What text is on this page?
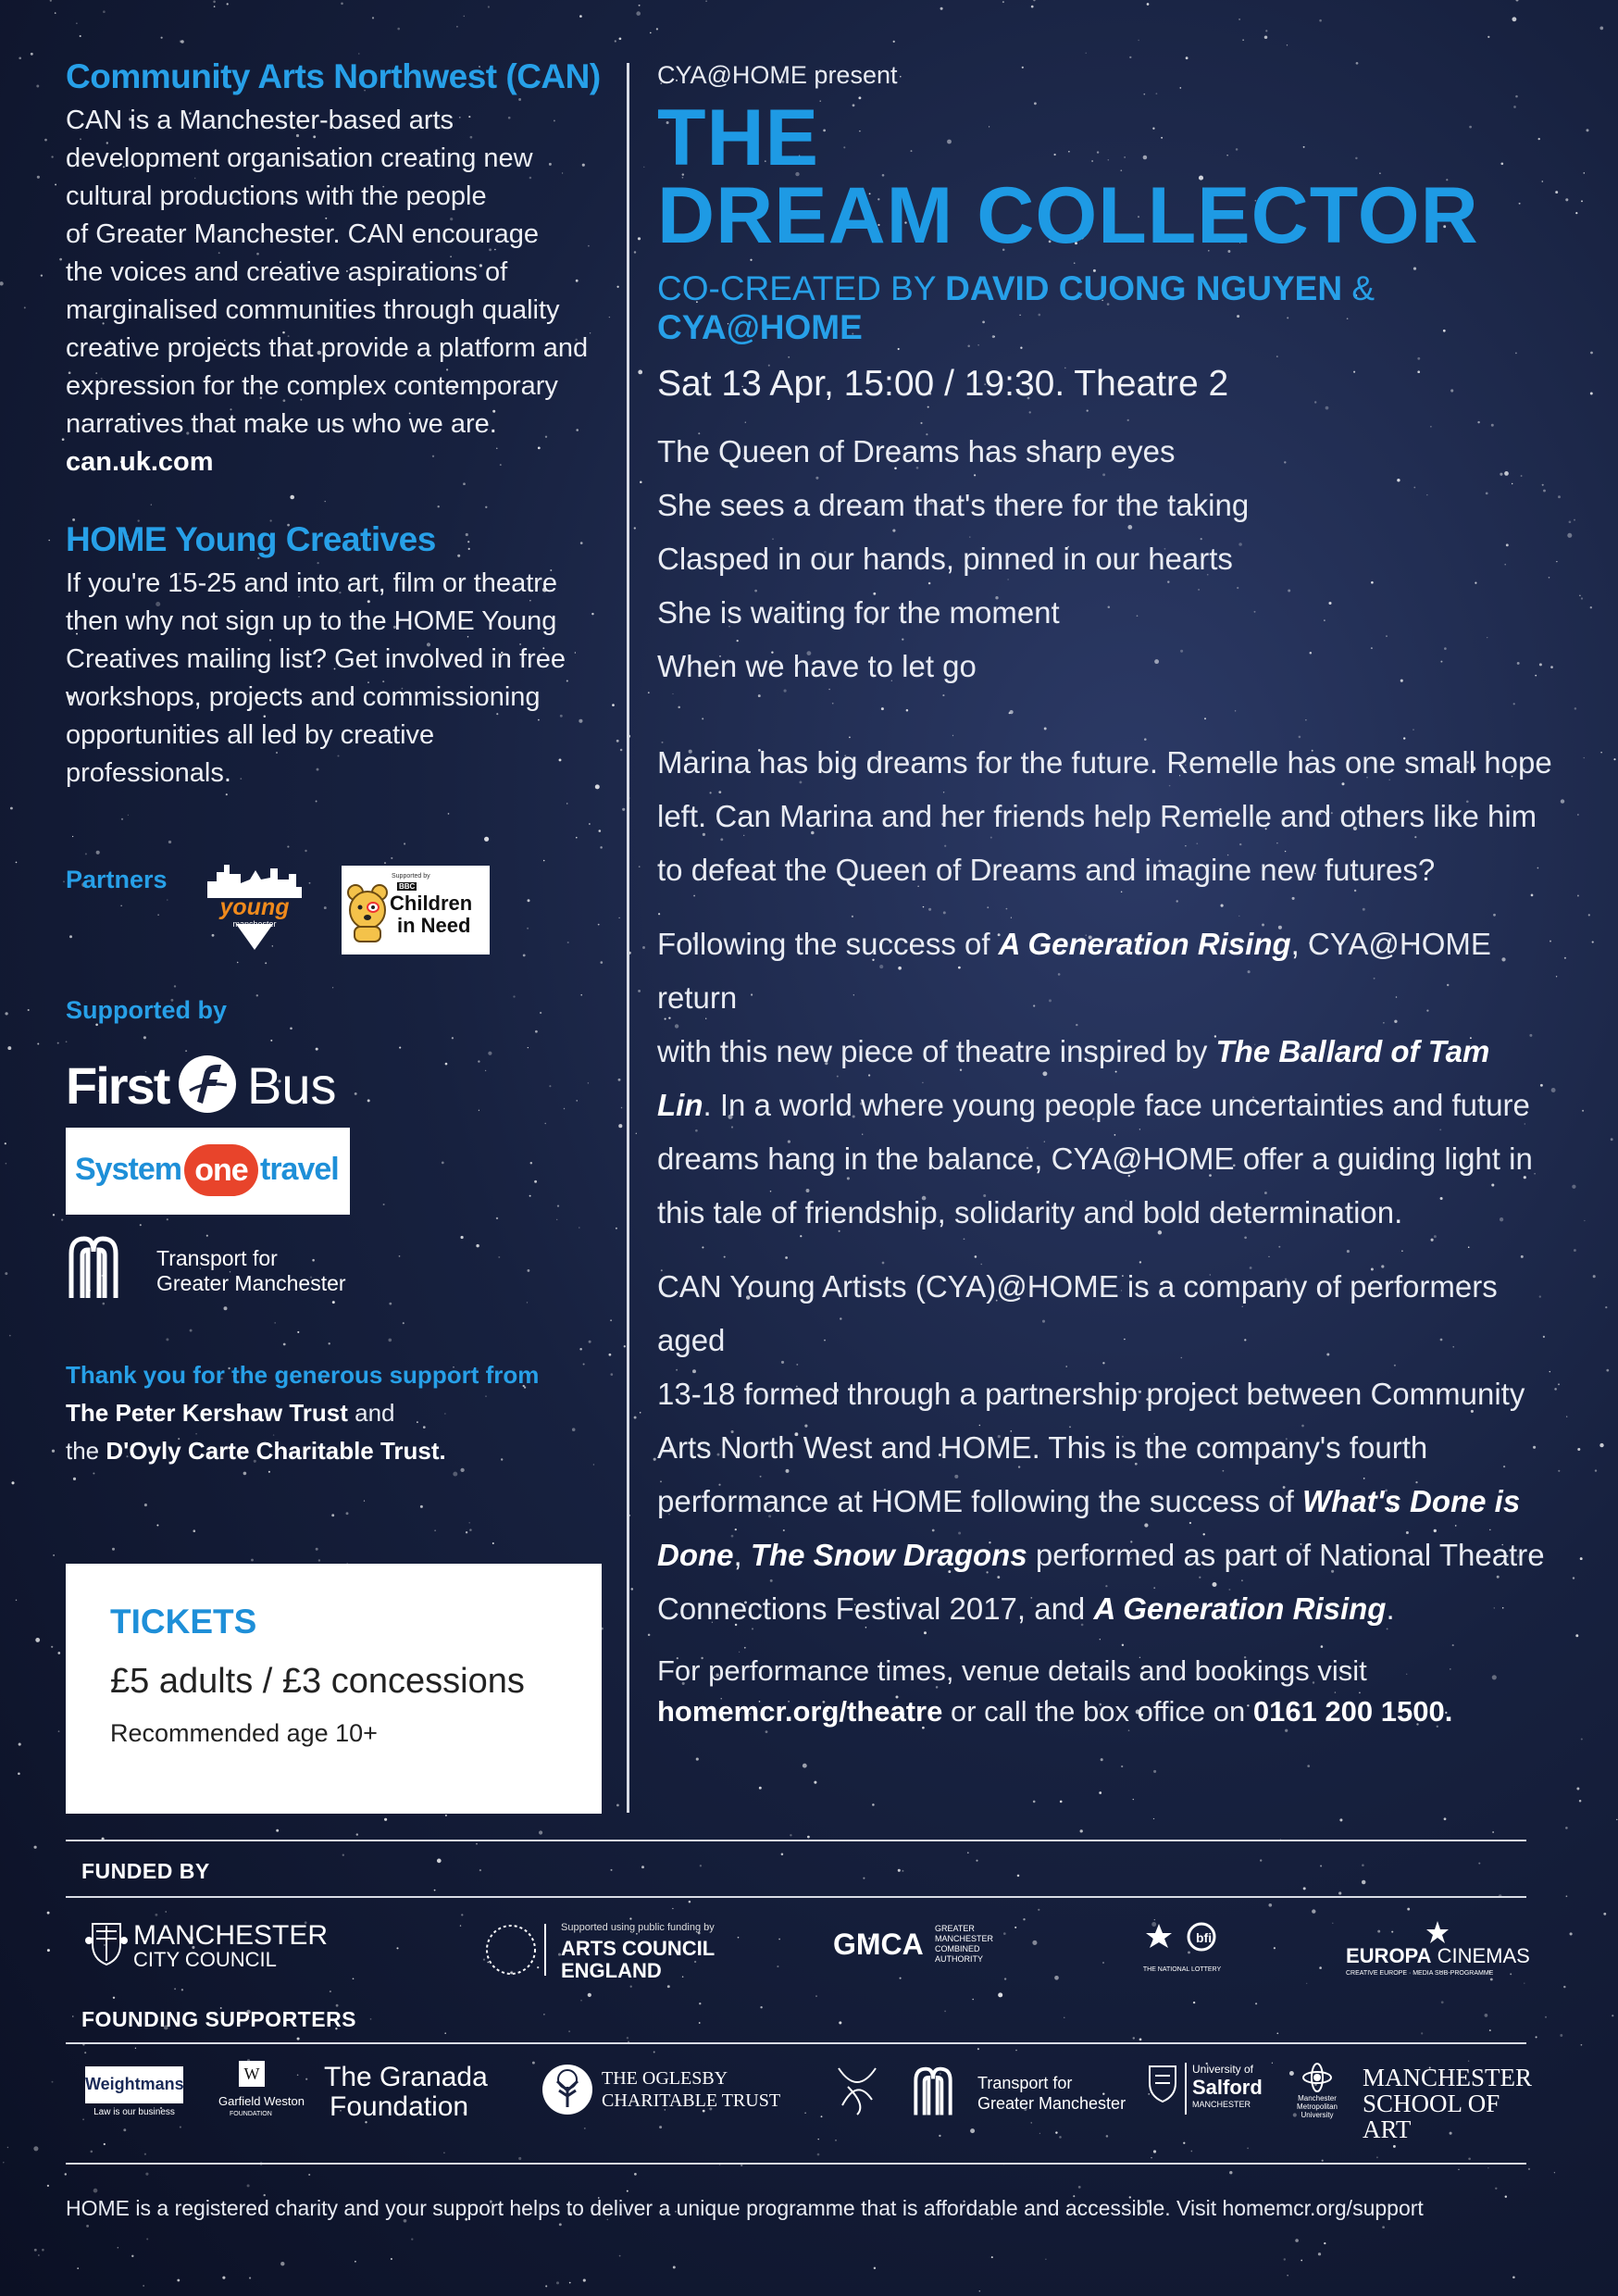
Community Arts Northwest (CAN)

CAN is a Manchester-based arts

development organisation creating new

cultural productions with the people

of Greater Manchester. CAN encourage

the voices and creative aspirations of

marginalised communities through quality

creative projects that provide a platform and

expression for the complex contemporary

narratives that make us who we are.

can.uk.com
HOME Young Creatives

If you're 15-25 and into art, film or theatre

then why not sign up to the HOME Young

Creatives mailing list? Get involved in free

workshops, projects and commissioning

opportunities all led by creative

professionals.

Partners
young
manchester
Supported by
BBC
Children
in Need
Supported by
First Bus
System one travel
Transport for
Greater Manchester
Thank you for the generous support from
The Peter Kershaw Trust and
the D'Oyly Carte Charitable Trust.
TICKETS
£5 adults / £3 concessions
Recommended age 10+
CYA@HOME present
THE
DREAM COLLECTOR
CO-CREATED BY DAVID CUONG NGUYEN & CYA@HOME
Sat 13 Apr, 15:00 / 19:30. Theatre 2
The Queen of Dreams has sharp eyes
She sees a dream that's there for the taking
Clasped in our hands, pinned in our hearts
She is waiting for the moment
When we have to let go
Marina has big dreams for the future. Remelle has one small hope
left. Can Marina and her friends help Remelle and others like him
to defeat the Queen of Dreams and imagine new futures?
Following the success of A Generation Rising, CYA@HOME return
with this new piece of theatre inspired by The Ballard of Tam
Lin. In a world where young people face uncertainties and future
dreams hang in the balance, CYA@HOME offer a guiding light in
this tale of friendship, solidarity and bold determination.
CAN Young Artists (CYA)@HOME is a company of performers aged
13-18 formed through a partnership project between Community
Arts North West and HOME. This is the company's fourth
performance at HOME following the success of What's Done is
Done, The Snow Dragons performed as part of National Theatre
Connections Festival 2017, and A Generation Rising.
For performance times, venue details and bookings visit
homemcr.org/theatre or call the box office on 0161 200 1500.
FUNDED BY
MANCHESTER
CITY COUNCIL
Supported using public funding by
ARTS COUNCIL
ENGLAND
GMCA GREATER
MANCHESTER
COMBINED
AUTHORITY
bfi
THE NATIONAL LOTTERY
EUROPA CINEMAS
CREATIVE EUROPE · MEDIA SUB-PROGRAMME
FOUNDING SUPPORTERS
Weightmans
Law is our business
W
Garfield Weston
FOUNDATION
The Granada
Foundation
THE OGLESBY
CHARITABLE TRUST
Transport for
Greater Manchester
University of
Salford
MANCHESTER
Manchester
Metropolitan
University
MANCHESTER
SCHOOL OF ART
HOME is a registered charity and your support helps to deliver a unique programme that is affordable and accessible. Visit homemcr.org/support
